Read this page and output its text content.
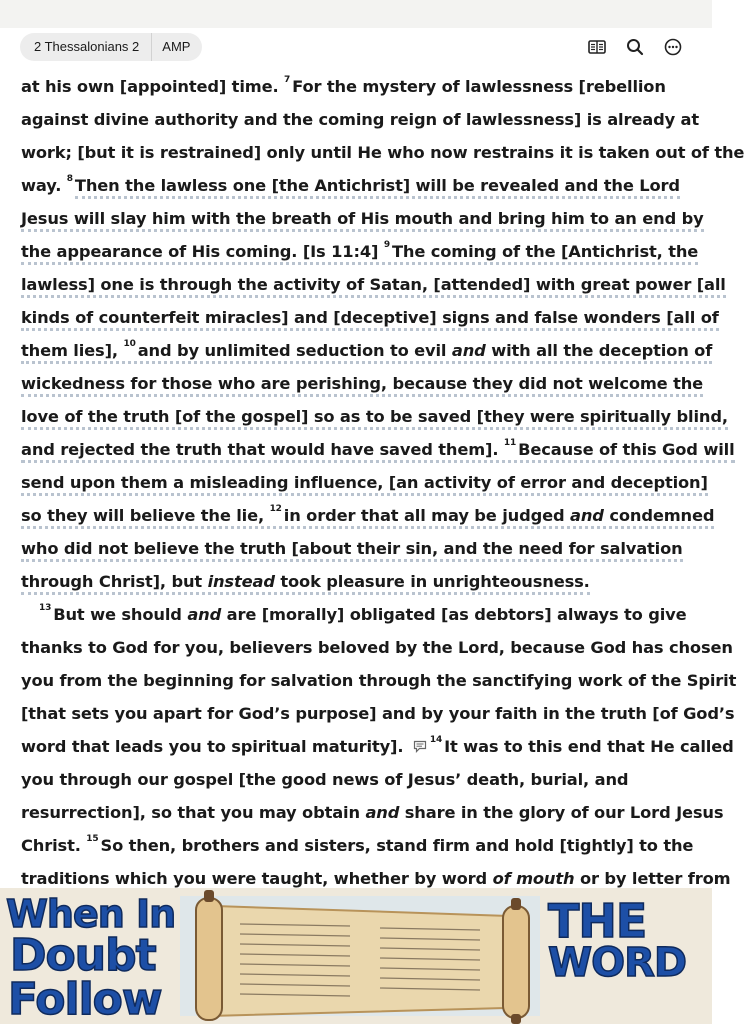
2 Thessalonians 2	AMP
at his own [appointed] time. $^7$ For the mystery of lawlessness [rebellion
against divine authority and the coming reign of lawlessness] is already at
work; [but it is restrained] only until He who now restrains it is taken out of the
way. $^8$ Then the lawless one [the Antichrist] will be revealed and the Lord
Jesus will slay him with the breath of His mouth and bring him to an end by
the appearance of His coming. [Is 11:4] $^9$ The coming of the [Antichrist, the
lawless] one is through the activity of Satan, [attended] with great power [all
kinds of counterfeit miracles] and [deceptive] signs and false wonders [all of
them lies], $^{10}$ and by unlimited seduction to evil and with all the deception of
wickedness for those who are perishing, because they did not welcome the
love of the truth [of the gospel] so as to be saved [they were spiritually blind,
and rejected the truth that would have saved them]. $^{11}$ Because of this God will
send upon them a misleading influence, [an activity of error and deception]
so they will believe the lie, $^{12}$ in order that all may be judged and condemned
who did not believe the truth [about their sin, and the need for salvation
through Christ], but instead took pleasure in unrighteousness.
$^{13}$ But we should and are [morally] obligated [as debtors] always to give
thanks to God for you, believers beloved by the Lord, because God has chosen
you from the beginning for salvation through the sanctifying work of the Spirit
[that sets you apart for God’s purpose] and by your faith in the truth [of God’s
word that leads you to spiritual maturity]. $^{14}$ It was to this end that He called
you through our gospel [the good news of Jesus’ death, burial, and
resurrection], so that you may obtain and share in the glory of our Lord Jesus
Christ. $^{15}$ So then, brothers and sisters, stand firm and hold [tightly] to the
traditions which you were taught, whether by word of mouth or by letter from
When In
Doubt
Follow
THE
WORD
